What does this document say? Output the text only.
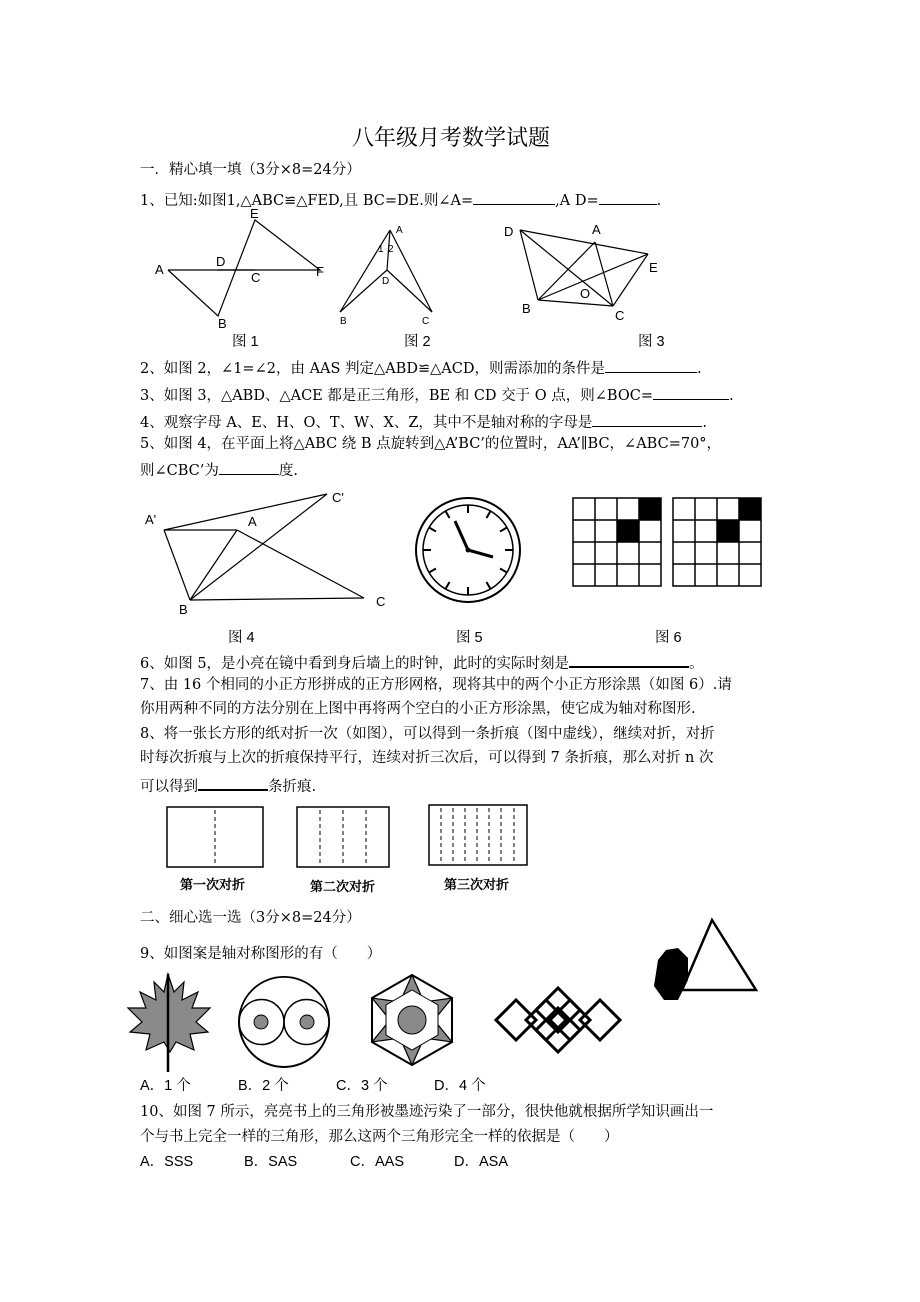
八年级月考数学试题
一．精心填一填（3分×8=24分）
1、已知:如图1,△ABC≌△FED,且 BC=DE.则∠A=	,A D=	.
E
D
C
A	F
B
图 1
A
1 2
D
B	C
图 2
D	A
E
O
B	C
图 3
2、如图 2，∠1=∠2，由 AAS 判定△ABD≌△ACD，则需添加的条件是	.
3、如图 3，△ABD、△ACE 都是正三角形，BE 和 CD 交于 O 点，则∠BOC=	.
4、观察字母 A、E、H、O、T、W、X、Z，其中不是轴对称的字母是	.
5、如图 4，在平面上将△ABC 绕 B 点旋转到△A’BC’的位置时，AA’∥BC，∠ABC=70°，
则∠CBC’为	度.
A'	A
C'
B
C
图 4	图 5	图 6
6、如图 5，是小亮在镜中看到身后墙上的时钟，此时的实际时刻是	。
7、由 16 个相同的小正方形拼成的正方形网格，现将其中的两个小正方形涂黑（如图 6）.请
你用两种不同的方法分别在上图中再将两个空白的小正方形涂黑，使它成为轴对称图形.
8、将一张长方形的纸对折一次（如图），可以得到一条折痕（图中虚线），继续对折，对折
时每次折痕与上次的折痕保持平行，连续对折三次后，可以得到 7 条折痕，那么对折 n 次
可以得到	条折痕.
第一次对折	第二次对折	第三次对折
二、细心选一选（3分×8=24分）
9、如图案是轴对称图形的有（　　）
A．1 个	B．2 个	C．3 个	D．4 个
10、如图 7 所示，亮亮书上的三角形被墨迹污染了一部分，很快他就根据所学知识画出一
个与书上完全一样的三角形，那么这两个三角形完全一样的依据是（　　）
A．SSS	B．SAS	C．AAS	D．ASA
